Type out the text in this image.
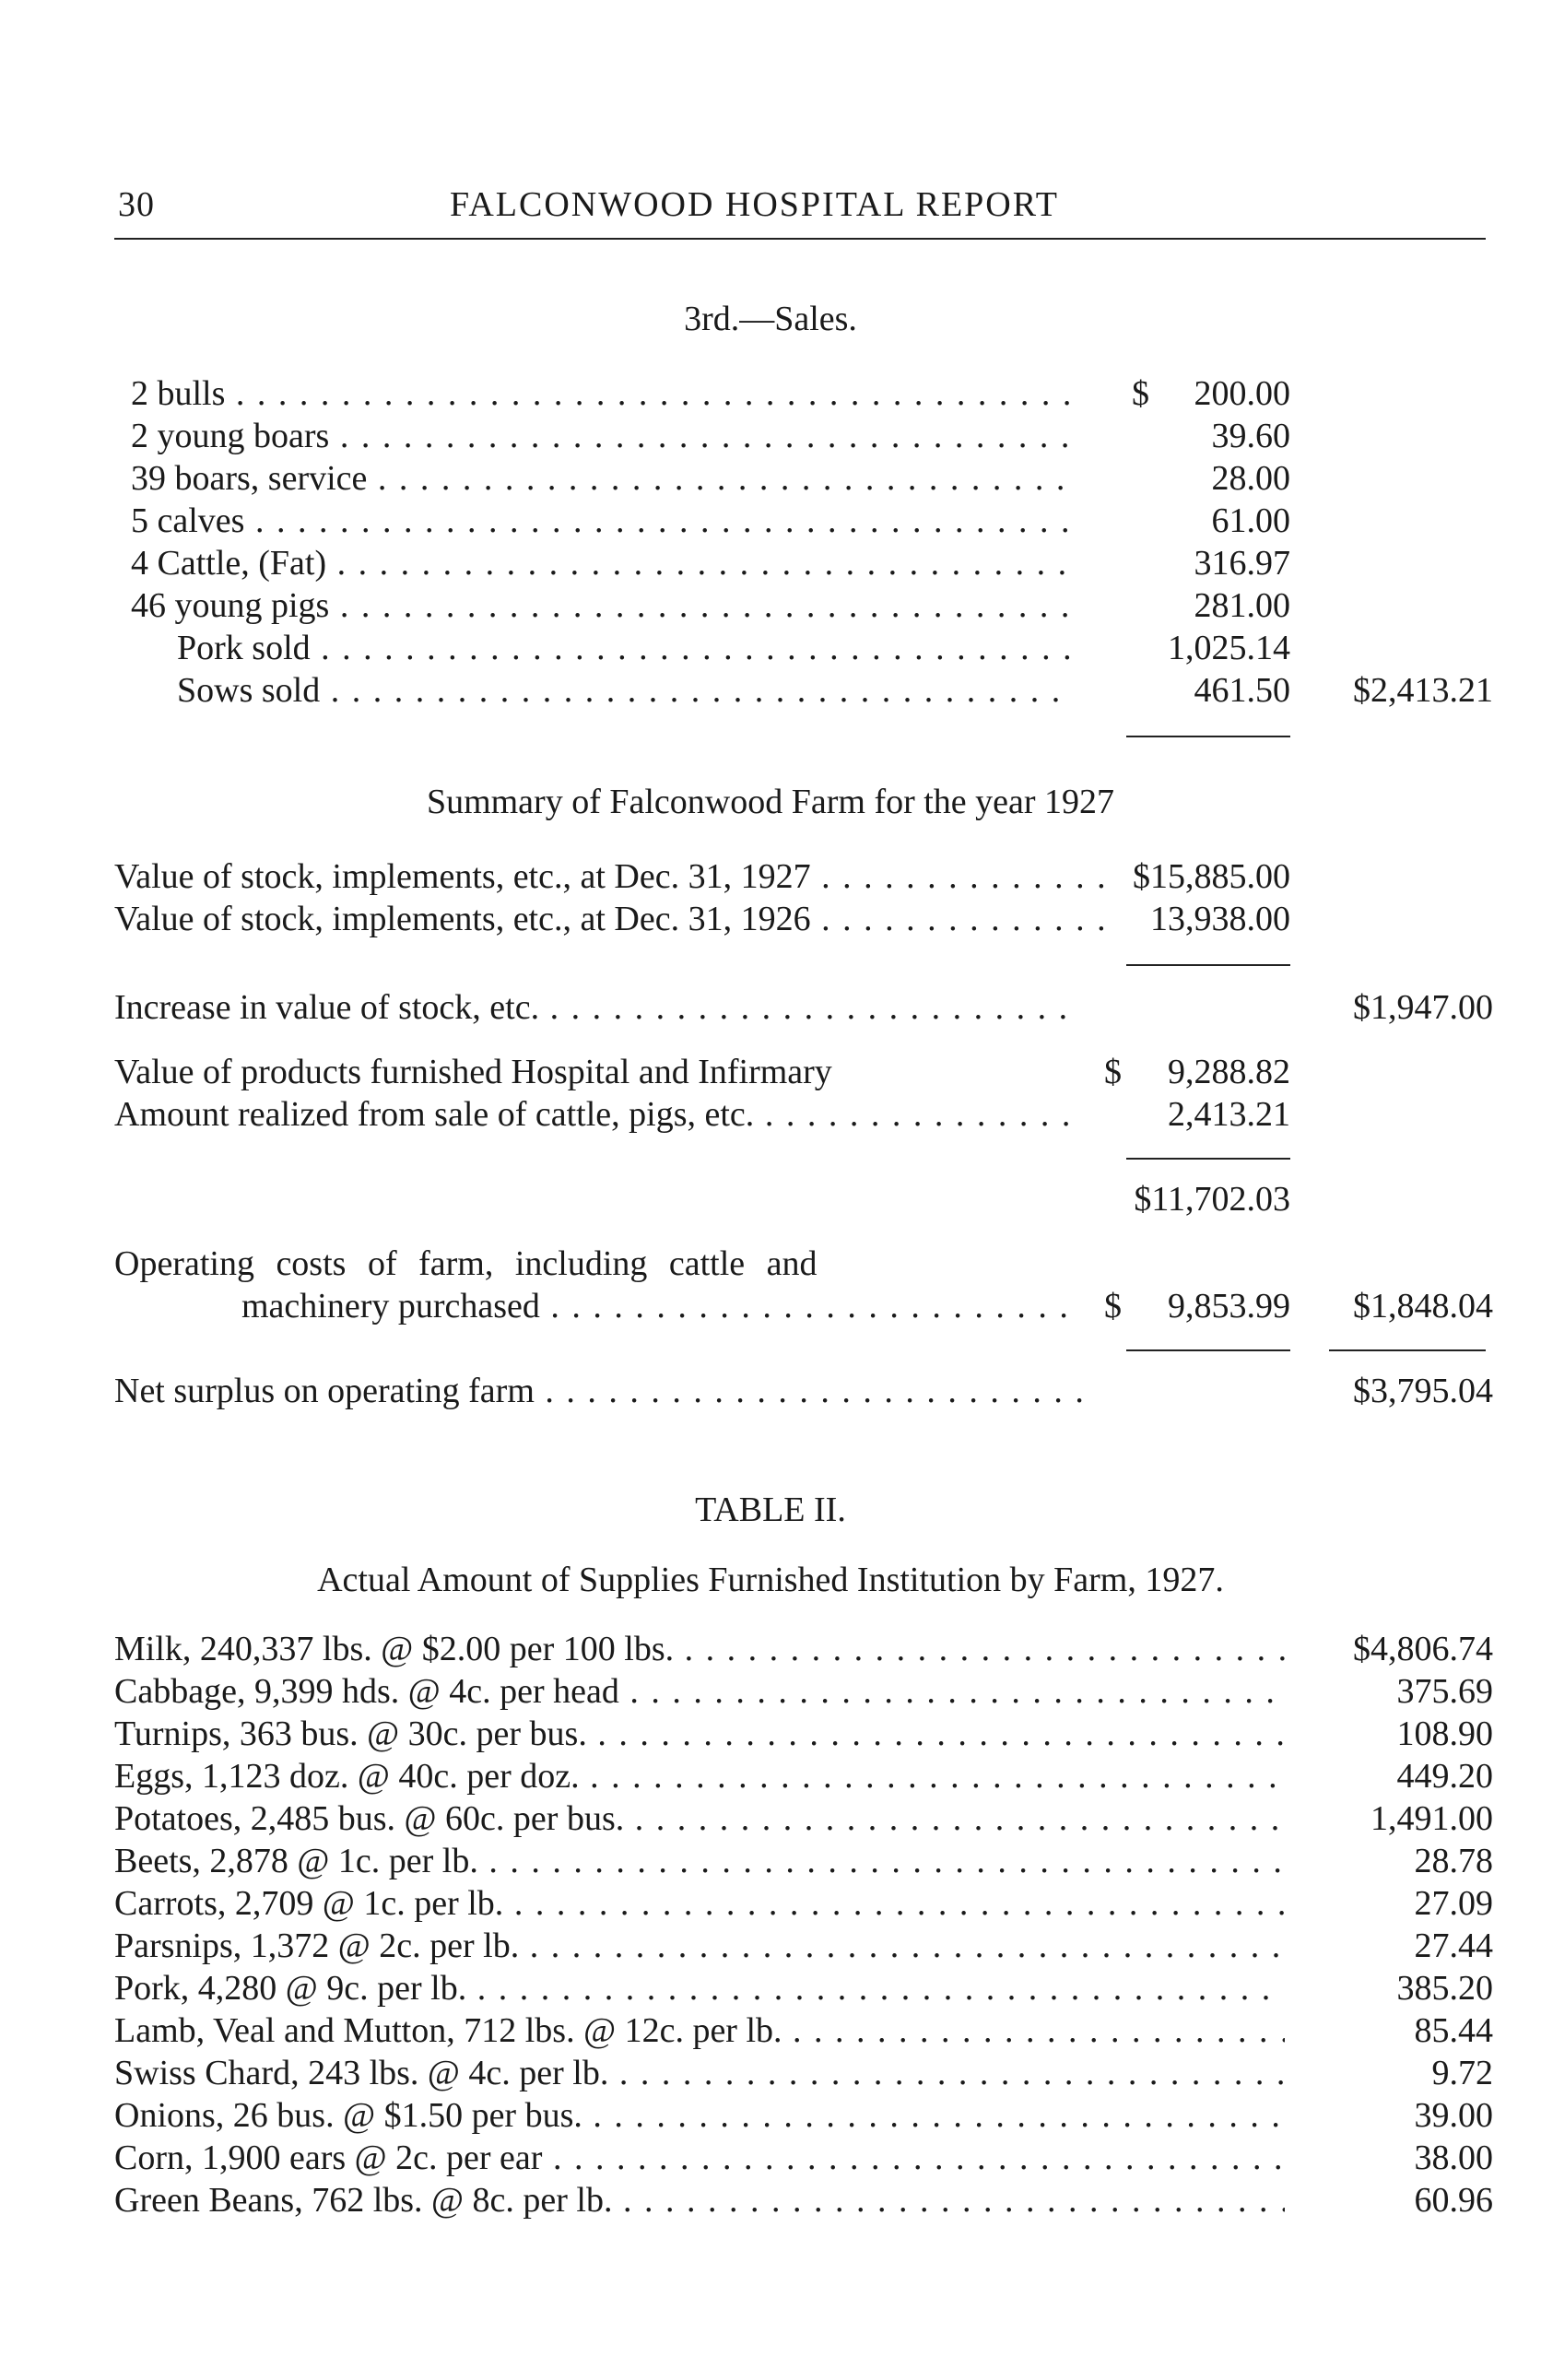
30	FALCONWOOD HOSPITAL REPORT
3rd.—Sales.
2 bulls . . .	$	200.00
2 young boars . . .	39.60
39 boars, service . . .	28.00
5 calves . . .	61.00
4 Cattle, (Fat) . . .	316.97
46 young pigs . . .	281.00
Pork sold . . .	1,025.14
Sows sold . . .	461.50	$2,413.21
Summary of Falconwood Farm for the year 1927
Value of stock, implements, etc., at Dec. 31, 1927 . . .	$15,885.00
Value of stock, implements, etc., at Dec. 31, 1926 . . .	13,938.00
Increase in value of stock, etc. . . .	$1,947.00
Value of products furnished Hospital and Infirmary	$	9,288.82
Amount realized from sale of cattle, pigs, etc. . . .	2,413.21
$11,702.03
Operating costs of farm, including cattle and
machinery purchased . . .	$	9,853.99	$1,848.04
Net surplus on operating farm . . .	$3,795.04
TABLE II.
Actual Amount of Supplies Furnished Institution by Farm, 1927.
Milk, 240,337 lbs. @ $2.00 per 100 lbs. . . .	$4,806.74
Cabbage, 9,399 hds. @ 4c. per head . . .	375.69
Turnips, 363 bus. @ 30c. per bus. . . .	108.90
Eggs, 1,123 doz. @ 40c. per doz. . . .	449.20
Potatoes, 2,485 bus. @ 60c. per bus. . . .	1,491.00
Beets, 2,878 @ 1c. per lb. . . .	28.78
Carrots, 2,709 @ 1c. per lb. . . .	27.09
Parsnips, 1,372 @ 2c. per lb. . . .	27.44
Pork, 4,280 @ 9c. per lb. . . .	385.20
Lamb, Veal and Mutton, 712 lbs. @ 12c. per lb. . . .	85.44
Swiss Chard, 243 lbs. @ 4c. per lb. . . .	9.72
Onions, 26 bus. @ $1.50 per bus. . . .	39.00
Corn, 1,900 ears @ 2c. per ear . . .	38.00
Green Beans, 762 lbs. @ 8c. per lb. . . .	60.96
